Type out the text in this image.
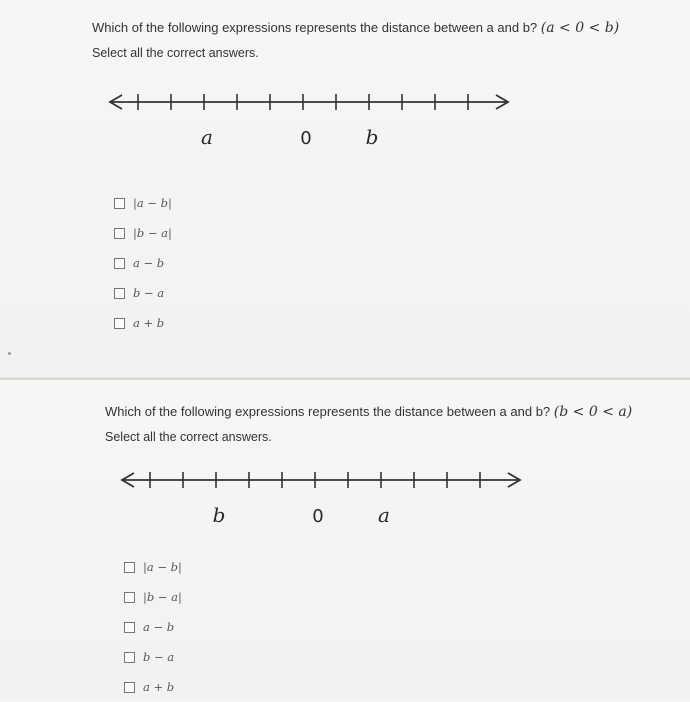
Which of the following expressions represents the distance between a and b? (a < 0 < b)
Select all the correct answers.
a	0	b
|a − b|
|b − a|
a − b
b − a
a + b
Which of the following expressions represents the distance between a and b? (b < 0 < a)
Select all the correct answers.
b	0	a
|a − b|
|b − a|
a − b
b − a
a + b
